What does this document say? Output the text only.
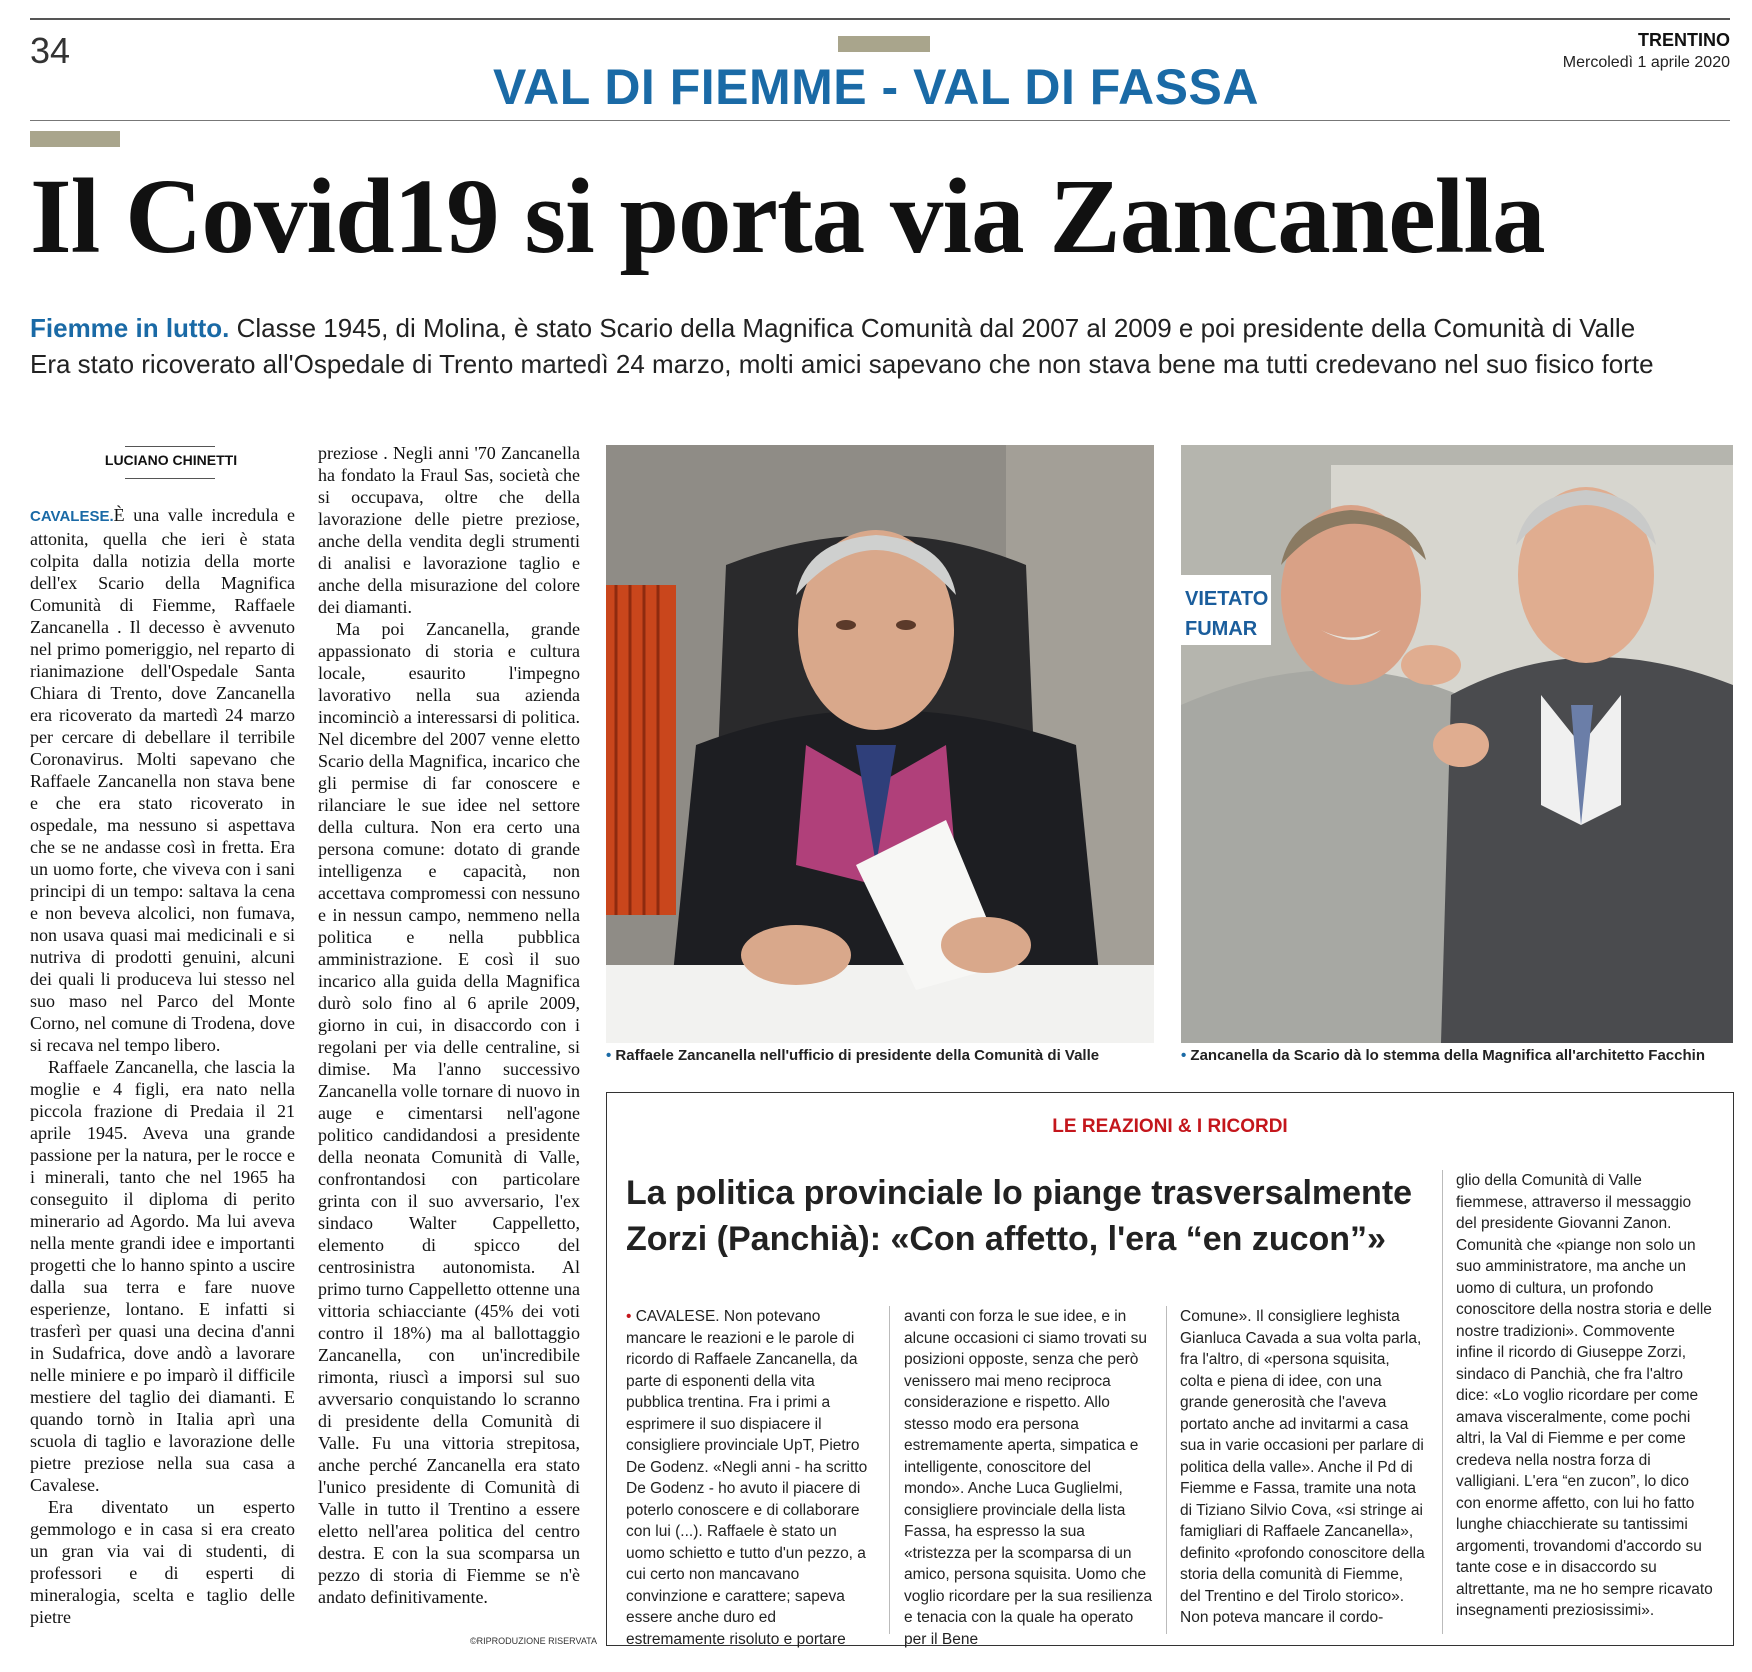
34	TRENTINO
Mercoledì 1 aprile 2020
VAL DI FIEMME - VAL DI FASSA
Il Covid19 si porta via Zancanella
Fiemme in lutto. Classe 1945, di Molina, è stato Scario della Magnifica Comunità dal 2007 al 2009 e poi presidente della Comunità di Valle
Era stato ricoverato all'Ospedale di Trento martedì 24 marzo, molti amici sapevano che non stava bene ma tutti credevano nel suo fisico forte
LUCIANO CHINETTI

CAVALESE.È una valle incredula e attonita, quella che ieri è stata colpita dalla notizia della morte dell'ex Scario della Magnifica Comunità di Fiemme, Raffaele Zancanella . Il decesso è avvenuto nel primo pomeriggio, nel reparto di rianimazione dell'Ospedale Santa Chiara di Trento, dove Zancanella era ricoverato da martedì 24 marzo per cercare di debellare il terribile Coronavirus. Molti sapevano che Raffaele Zancanella non stava bene e che era stato ricoverato in ospedale, ma nessuno si aspettava che se ne andasse così in fretta. Era un uomo forte, che viveva con i sani principi di un tempo: saltava la cena e non beveva alcolici, non fumava, non usava quasi mai medicinali e si nutriva di prodotti genuini, alcuni dei quali li produceva lui stesso nel suo maso nel Parco del Monte Corno, nel comune di Trodena, dove si recava nel tempo libero.

Raffaele Zancanella, che lascia la moglie e 4 figli, era nato nella piccola frazione di Predaia il 21 aprile 1945. Aveva una grande passione per la natura, per le rocce e i minerali, tanto che nel 1965 ha conseguito il diploma di perito minerario ad Agordo. Ma lui aveva nella mente grandi idee e importanti progetti che lo hanno spinto a uscire dalla sua terra e fare nuove esperienze, lontano. E infatti si trasferì per quasi una decina d'anni in Sudafrica, dove andò a lavorare nelle miniere e po imparò il difficile mestiere del taglio dei diamanti. E quando tornò in Italia aprì una scuola di taglio e lavorazione delle pietre preziose nella sua casa a Cavalese.

Era diventato un esperto gemmologo e in casa si era creato un gran via vai di studenti, di professori e di esperti di mineralogia, scelta e taglio delle pietre

preziose . Negli anni '70 Zancanella ha fondato la Fraul Sas, società che si occupava, oltre che della lavorazione delle pietre preziose, anche della vendita degli strumenti di analisi e lavorazione taglio e anche della misurazione del colore dei diamanti.

Ma poi Zancanella, grande appassionato di storia e cultura locale, esaurito l'impegno lavorativo nella sua azienda incominciò a interessarsi di politica. Nel dicembre del 2007 venne eletto Scario della Magnifica, incarico che gli permise di far conoscere e rilanciare le sue idee nel settore della cultura. Non era certo una persona comune: dotato di grande intelligenza e capacità, non accettava compromessi con nessuno e in nessun campo, nemmeno nella politica e nella pubblica amministrazione. E così il suo incarico alla guida della Magnifica durò solo fino al 6 aprile 2009, giorno in cui, in disaccordo con i regolani per via delle centraline, si dimise. Ma l'anno successivo Zancanella volle tornare di nuovo in auge e cimentarsi nell'agone politico candidandosi a presidente della neonata Comunità di Valle, confrontandosi con particolare grinta con il suo avversario, l'ex sindaco Walter Cappelletto, elemento di spicco del centrosinistra autonomista. Al primo turno Cappelletto ottenne una vittoria schiacciante (45% dei voti contro il 18%) ma al ballottaggio Zancanella, con un'incredibile rimonta, riuscì a imporsi sul suo avversario conquistando lo scranno di presidente della Comunità di Valle. Fu una vittoria strepitosa, anche perché Zancanella era stato l'unico presidente di Comunità di Valle in tutto il Trentino a essere eletto nell'area politica del centro destra. E con la sua scomparsa un pezzo di storia di Fiemme se n'è andato definitivamente.

©RIPRODUZIONE RISERVATA
• Raffaele Zancanella nell'ufficio di presidente della Comunità di Valle
VIETATO
FUMAR
• Zancanella da Scario dà lo stemma della Magnifica all'architetto Facchin
LE REAZIONI & I RICORDI
La politica provinciale lo piange trasversalmente
Zorzi (Panchià): «Con affetto, l'era “en zucon”»
• CAVALESE. Non potevano mancare le reazioni e le parole di ricordo di Raffaele Zancanella, da parte di esponenti della vita pubblica trentina. Fra i primi a esprimere il suo dispiacere il consigliere provinciale UpT, Pietro De Godenz. «Negli anni - ha scritto De Godenz - ho avuto il piacere di poterlo conoscere e di collaborare con lui (...). Raffaele è stato un uomo schietto e tutto d'un pezzo, a cui certo non mancavano convinzione e carattere; sapeva essere anche duro ed estremamente risoluto e portare
avanti con forza le sue idee, e in alcune occasioni ci siamo trovati su posizioni opposte, senza che però venissero mai meno reciproca considerazione e rispetto. Allo stesso modo era persona estremamente aperta, simpatica e intelligente, conoscitore del mondo». Anche Luca Guglielmi, consigliere provinciale della lista Fassa, ha espresso la sua «tristezza per la scomparsa di un amico, persona squisita. Uomo che voglio ricordare per la sua resilienza e tenacia con la quale ha operato per il Bene
Comune». Il consigliere leghista Gianluca Cavada a sua volta parla, fra l'altro, di «persona squisita, colta e piena di idee, con una grande generosità che l'aveva portato anche ad invitarmi a casa sua in varie occasioni per parlare di politica della valle». Anche il Pd di Fiemme e Fassa, tramite una nota di Tiziano Silvio Cova, «si stringe ai famigliari di Raffaele Zancanella», definito «profondo conoscitore della storia della comunità di Fiemme, del Trentino e del Tirolo storico». Non poteva mancare il cordo-
glio della Comunità di Valle fiemmese, attraverso il messaggio del presidente Giovanni Zanon. Comunità che «piange non solo un suo amministratore, ma anche un uomo di cultura, un profondo conoscitore della nostra storia e delle nostre tradizioni». Commovente infine il ricordo di Giuseppe Zorzi, sindaco di Panchià, che fra l'altro dice: «Lo voglio ricordare per come amava visceralmente, come pochi altri, la Val di Fiemme e per come credeva nella nostra forza di valligiani. L'era “en zucon”, lo dico con enorme affetto, con lui ho fatto lunghe chiacchierate su tantissimi argomenti, trovandomi d'accordo su tante cose e in disaccordo su altrettante, ma ne ho sempre ricavato insegnamenti preziosissimi».
